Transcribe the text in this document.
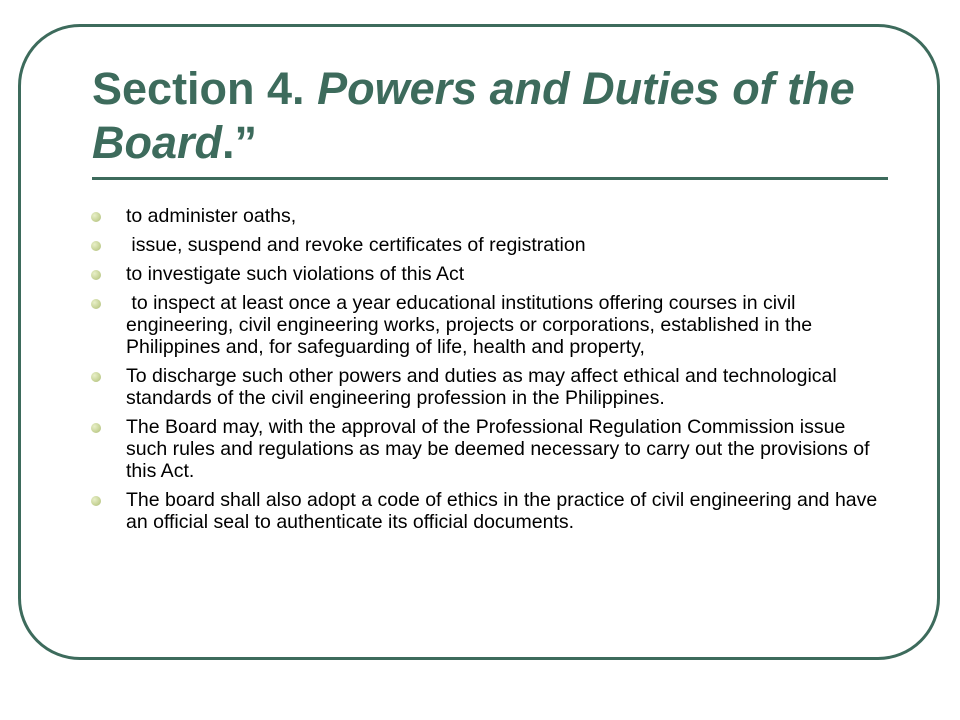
Section 4. Powers and Duties of the Board.”
to administer oaths,
issue, suspend and revoke certificates of registration
to investigate such violations of this Act
to inspect at least once a year educational institutions offering courses in civil engineering, civil engineering works, projects or corporations, established in the Philippines and, for safeguarding of life, health and property,
To discharge such other powers and duties as may affect ethical and technological standards of the civil engineering profession in the Philippines.
The Board may, with the approval of the Professional Regulation Commission issue such rules and regulations as may be deemed necessary to carry out the provisions of this Act.
The board shall also adopt a code of ethics in the practice of civil engineering and have an official seal to authenticate its official documents.
